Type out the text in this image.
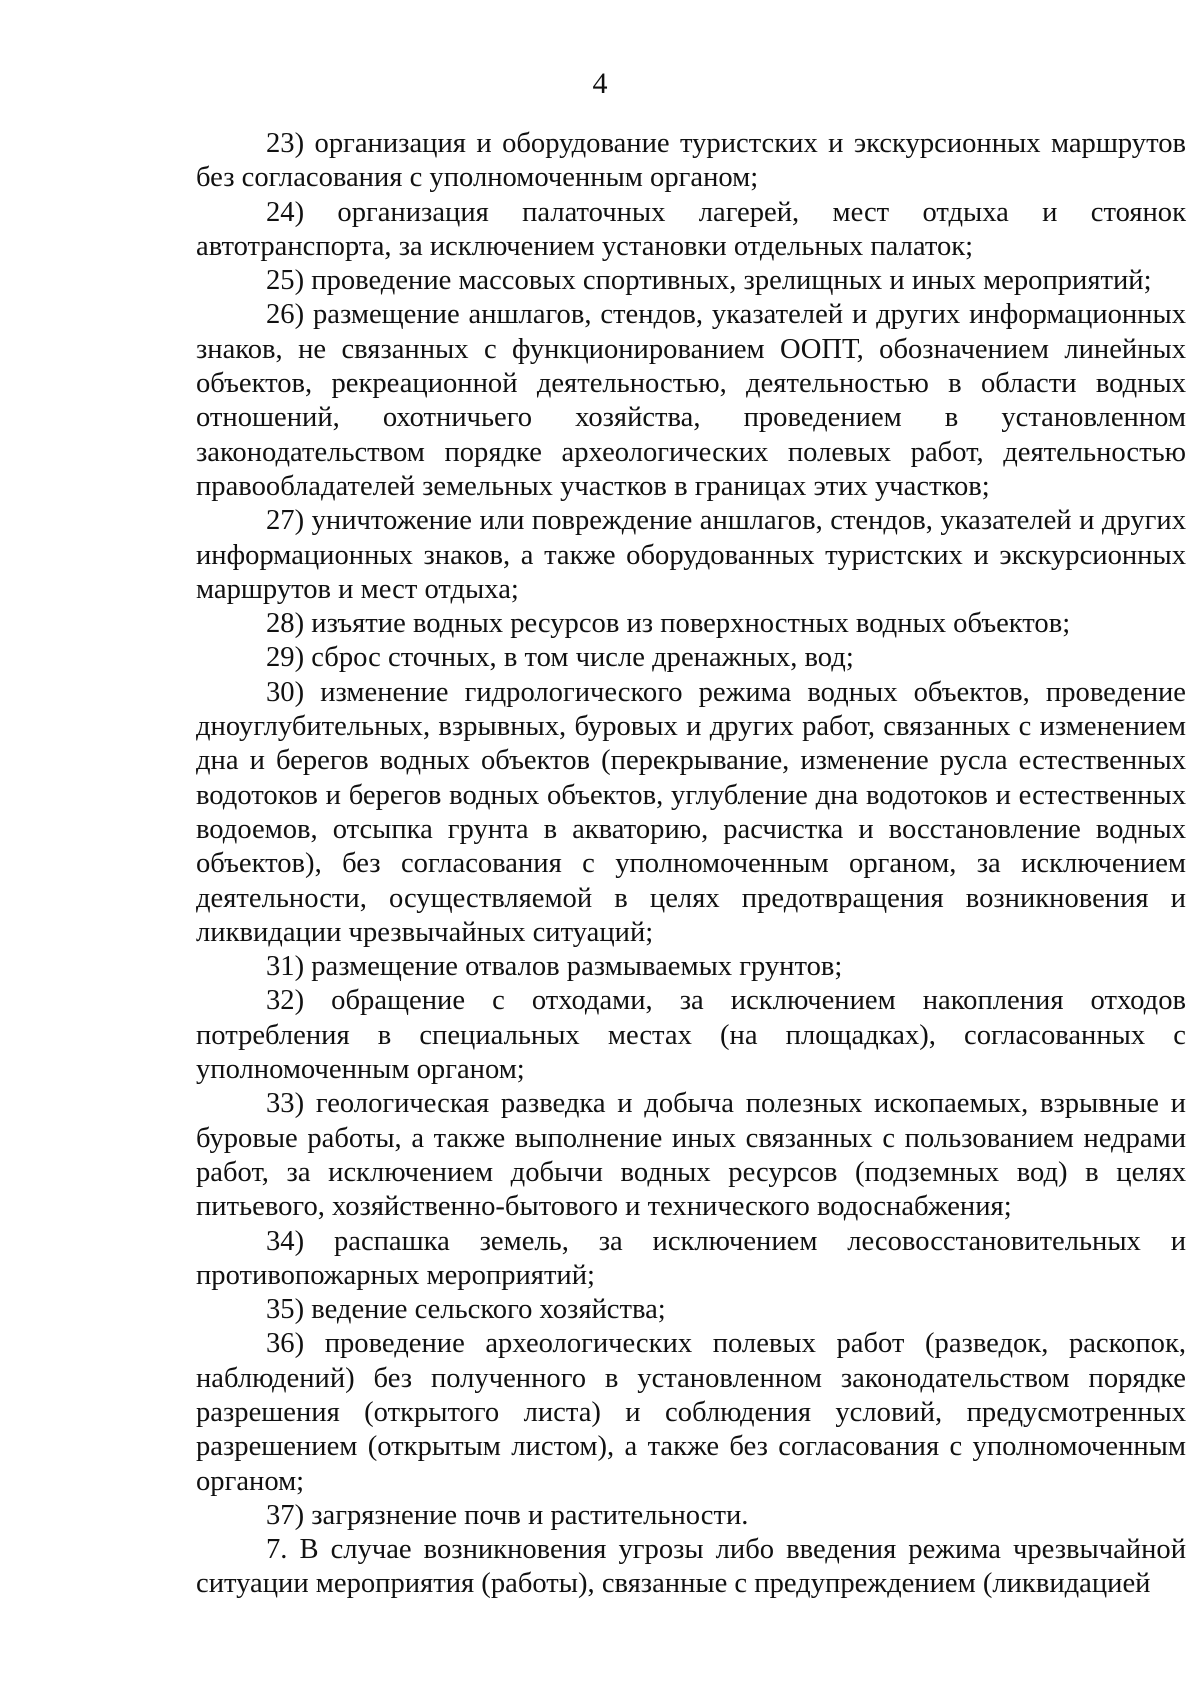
4

23) организация и оборудование туристских и экскурсионных маршрутов без согласования с уполномоченным органом;

24) организация палаточных лагерей, мест отдыха и стоянок автотранспорта, за исключением установки отдельных палаток;

25) проведение массовых спортивных, зрелищных и иных мероприятий;

26) размещение аншлагов, стендов, указателей и других информационных знаков, не связанных с функционированием ООПТ, обозначением линейных объектов, рекреационной деятельностью, деятельностью в области водных отношений, охотничьего хозяйства, проведением в установленном законодательством порядке археологических полевых работ, деятельностью правообладателей земельных участков в границах этих участков;

27) уничтожение или повреждение аншлагов, стендов, указателей и других информационных знаков, а также оборудованных туристских и экскурсионных маршрутов и мест отдыха;

28) изъятие водных ресурсов из поверхностных водных объектов;

29) сброс сточных, в том числе дренажных, вод;

30) изменение гидрологического режима водных объектов, проведение дноуглубительных, взрывных, буровых и других работ, связанных с изменением дна и берегов водных объектов (перекрывание, изменение русла естественных водотоков и берегов водных объектов, углубление дна водотоков и естественных водоемов, отсыпка грунта в акваторию, расчистка и восстановление водных объектов), без согласования с уполномоченным органом, за исключением деятельности, осуществляемой в целях предотвращения возникновения и ликвидации чрезвычайных ситуаций;

31) размещение отвалов размываемых грунтов;

32) обращение с отходами, за исключением накопления отходов потребления в специальных местах (на площадках), согласованных с уполномоченным органом;

33) геологическая разведка и добыча полезных ископаемых, взрывные и буровые работы, а также выполнение иных связанных с пользованием недрами работ, за исключением добычи водных ресурсов (подземных вод) в целях питьевого, хозяйственно-бытового и технического водоснабжения;

34) распашка земель, за исключением лесовосстановительных и противопожарных мероприятий;

35) ведение сельского хозяйства;

36) проведение археологических полевых работ (разведок, раскопок, наблюдений) без полученного в установленном законодательством порядке разрешения (открытого листа) и соблюдения условий, предусмотренных разрешением (открытым листом), а также без согласования с уполномоченным органом;

37) загрязнение почв и растительности.

7. В случае возникновения угрозы либо введения режима чрезвычайной ситуации мероприятия (работы), связанные с предупреждением (ликвидацией
